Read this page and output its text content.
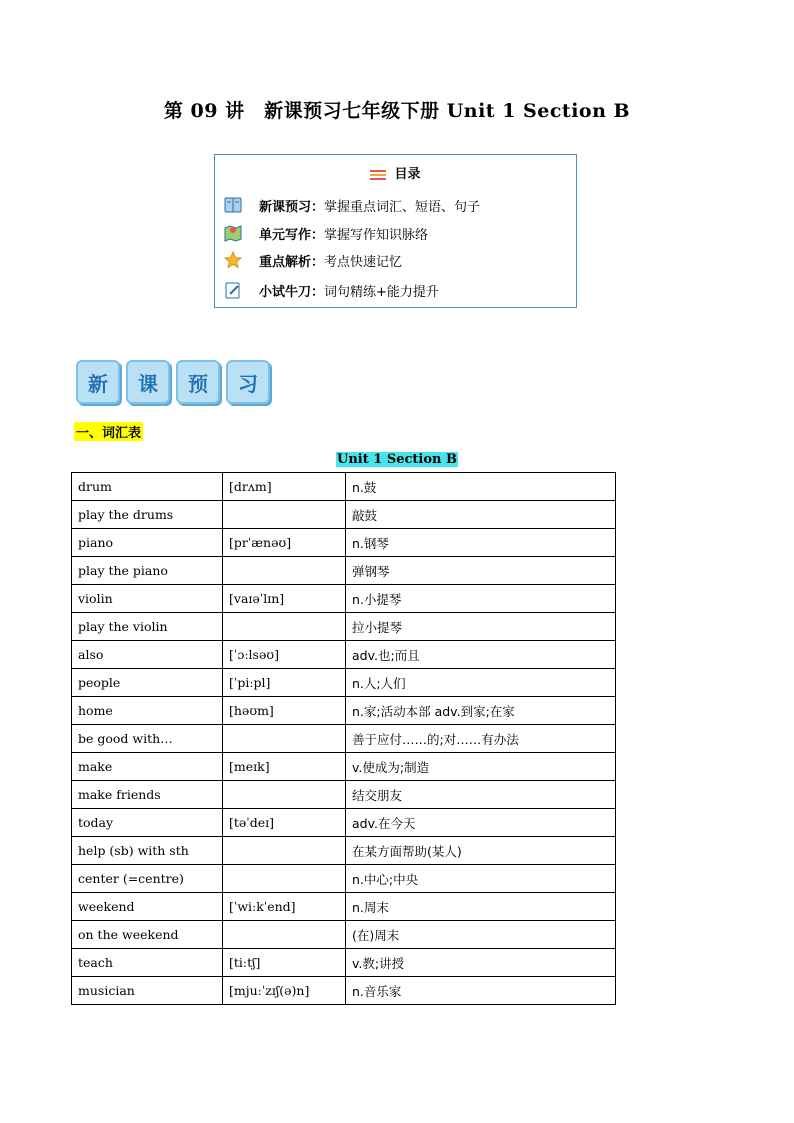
第 09 讲　新课预习七年级下册 Unit 1 Section B
目录
新课预习： 掌握重点词汇、短语、句子
单元写作： 掌握写作知识脉络
重点解析： 考点快速记忆
小试牛刀： 词句精练+能力提升
新	课	预	习
一、词汇表
Unit 1 Section B
drum	[drʌm]	n.鼓
play the drums		敲鼓
piano	[prˈænəʊ]	n.钢琴
play the piano		弹钢琴
violin	[vaɪəˈlɪn]	n.小提琴
play the violin		拉小提琴
also	[ˈɔːlsəʊ]	adv.也;而且
people	[ˈpiːpl]	n.人;人们
home	[həʊm]	n.家;活动本部 adv.到家;在家
be good with…		善于应付……的;对……有办法
make	[meɪk]	v.使成为;制造
make friends		结交朋友
today	[təˈdeɪ]	adv.在今天
help (sb) with sth		在某方面帮助(某人)
center (=centre)		n.中心;中央
weekend	[ˈwiːkˈend]	n.周末
on the weekend		(在)周末
teach	[tiːtʃ]	v.教;讲授
musician	[mjuːˈzɪʃ(ə)n]	n.音乐家
